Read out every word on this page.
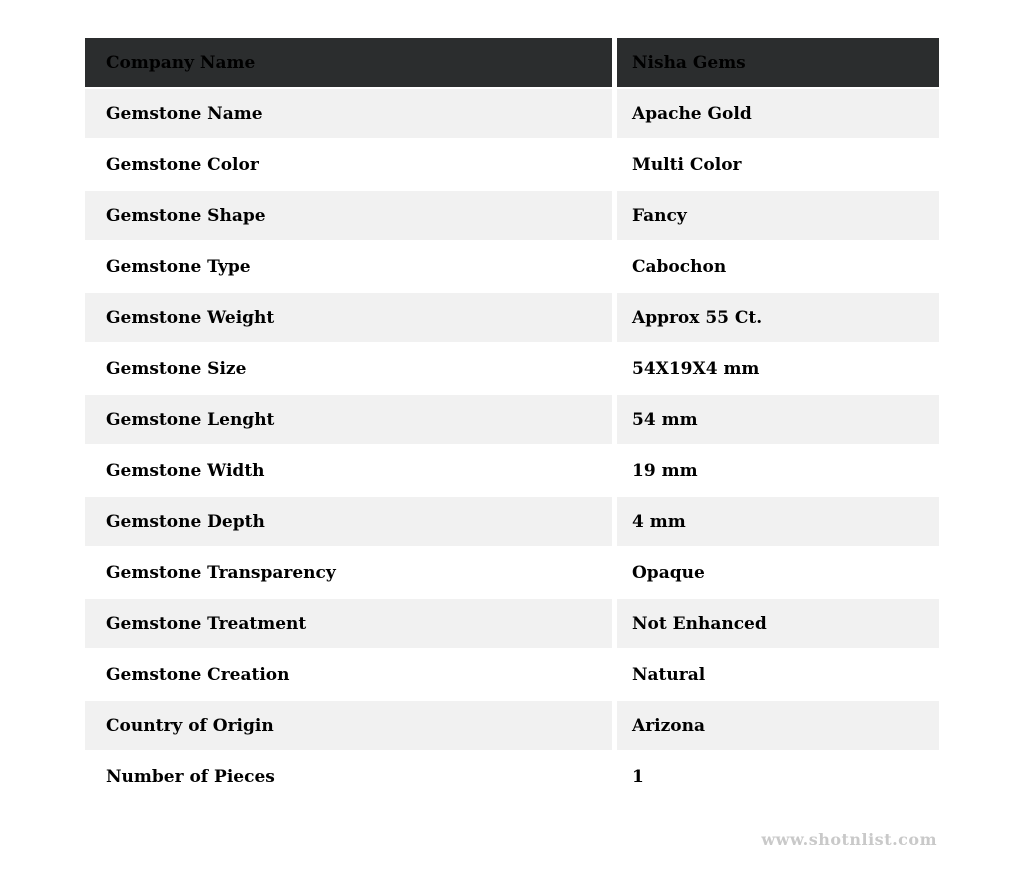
Company Name	Nisha Gems
Gemstone Name	Apache Gold
Gemstone Color	Multi Color
Gemstone Shape	Fancy
Gemstone Type	Cabochon
Gemstone Weight	Approx 55 Ct.
Gemstone Size	54X19X4 mm
Gemstone Lenght	54 mm
Gemstone Width	19 mm
Gemstone Depth	4 mm
Gemstone Transparency	Opaque
Gemstone Treatment	Not Enhanced
Gemstone Creation	Natural
Country of Origin	Arizona
Number of Pieces	1
www.shotnlist.com
